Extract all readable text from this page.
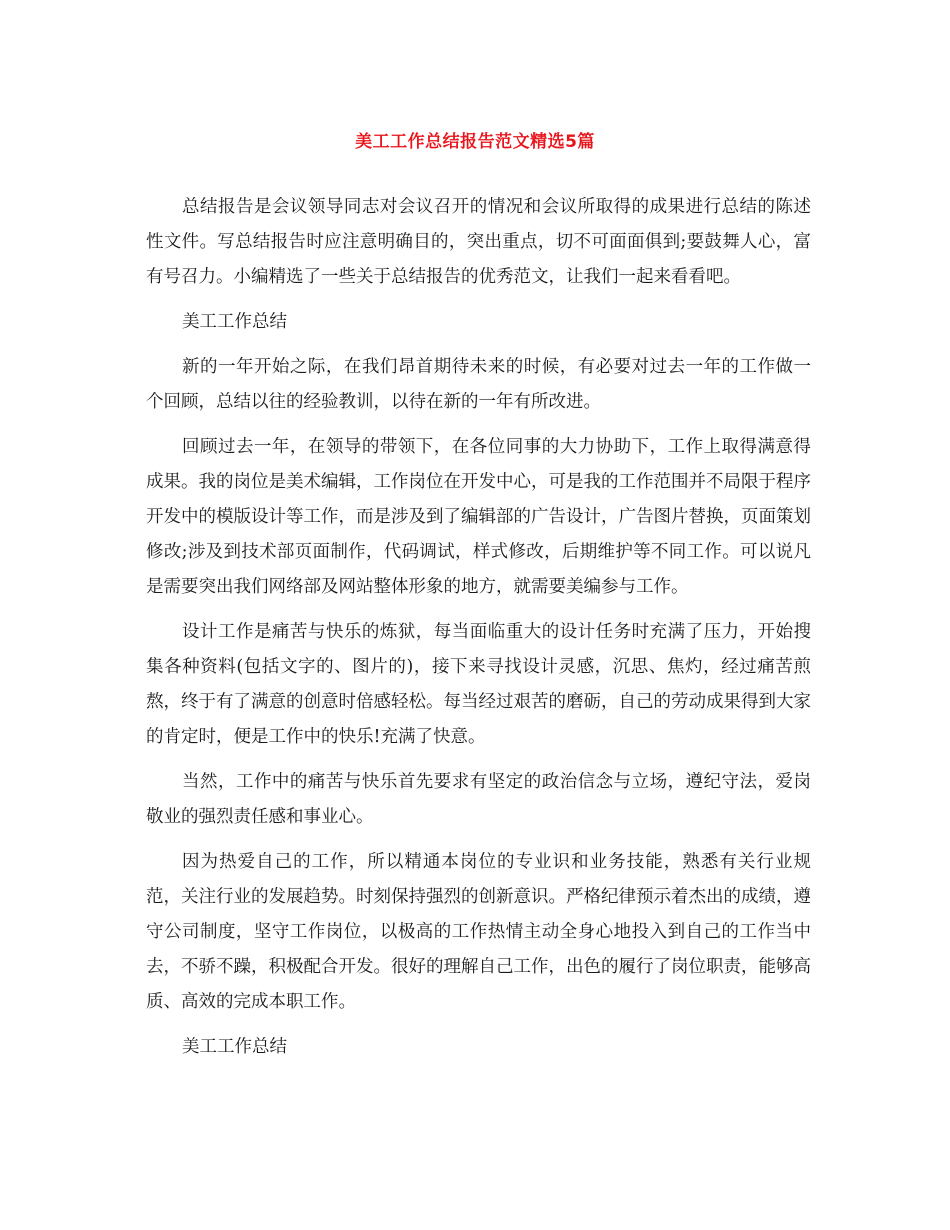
美工工作总结报告范文精选5篇

总结报告是会议领导同志对会议召开的情况和会议所取得的成果进行总结的陈述性文件。写总结报告时应注意明确目的，突出重点，切不可面面俱到;要鼓舞人心，富有号召力。小编精选了一些关于总结报告的优秀范文，让我们一起来看看吧。

美工工作总结

新的一年开始之际，在我们昂首期待未来的时候，有必要对过去一年的工作做一个回顾，总结以往的经验教训，以待在新的一年有所改进。

回顾过去一年，在领导的带领下，在各位同事的大力协助下，工作上取得满意得成果。我的岗位是美术编辑，工作岗位在开发中心，可是我的工作范围并不局限于程序开发中的模版设计等工作，而是涉及到了编辑部的广告设计，广告图片替换，页面策划修改;涉及到技术部页面制作，代码调试，样式修改，后期维护等不同工作。可以说凡是需要突出我们网络部及网站整体形象的地方，就需要美编参与工作。

设计工作是痛苦与快乐的炼狱，每当面临重大的设计任务时充满了压力，开始搜集各种资料(包括文字的、图片的)，接下来寻找设计灵感，沉思、焦灼，经过痛苦煎熬，终于有了满意的创意时倍感轻松。每当经过艰苦的磨砺，自己的劳动成果得到大家的肯定时，便是工作中的快乐!充满了快意。

当然，工作中的痛苦与快乐首先要求有坚定的政治信念与立场，遵纪守法，爱岗敬业的强烈责任感和事业心。

因为热爱自己的工作，所以精通本岗位的专业识和业务技能，熟悉有关行业规范，关注行业的发展趋势。时刻保持强烈的创新意识。严格纪律预示着杰出的成绩，遵守公司制度，坚守工作岗位，以极高的工作热情主动全身心地投入到自己的工作当中去，不骄不躁，积极配合开发。很好的理解自己工作，出色的履行了岗位职责，能够高质、高效的完成本职工作。

美工工作总结
